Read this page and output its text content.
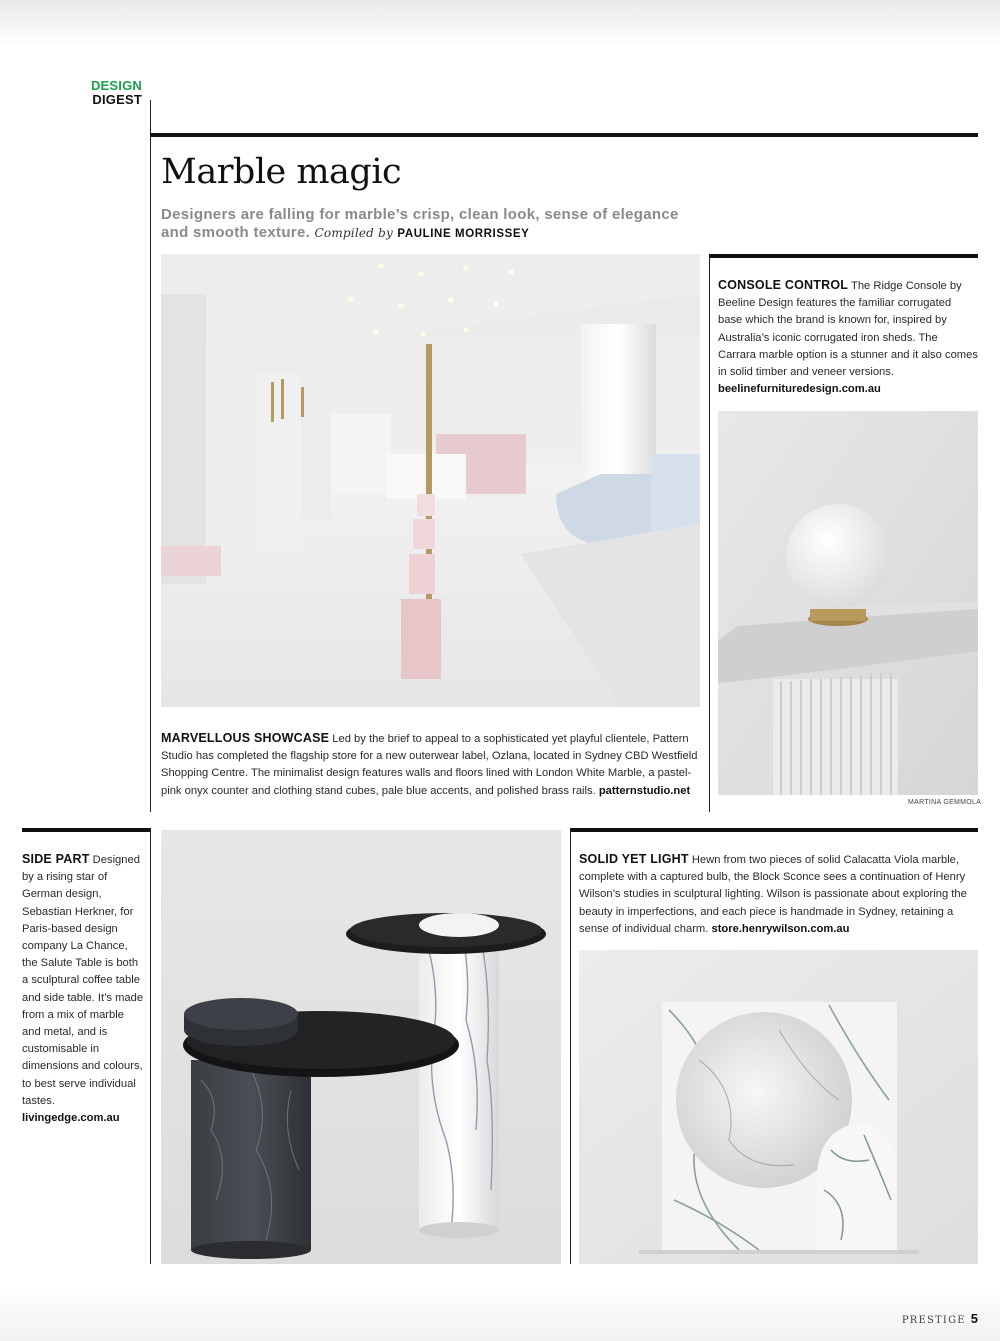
DESIGN
DIGEST
Marble magic
Designers are falling for marble’s crisp, clean look, sense of elegance and smooth texture. Compiled by PAULINE MORRISSEY
CONSOLE CONTROL The Ridge Console by Beeline Design features the familiar corrugated base which the brand is known for, inspired by Australia’s iconic corrugated iron sheds. The Carrara marble option is a stunner and it also comes in solid timber and veneer versions. beelinefurnituredesign.com.au
MARTINA GEMMOLA
MARVELLOUS SHOWCASE Led by the brief to appeal to a sophisticated yet playful clientele, Pattern Studio has completed the flagship store for a new outerwear label, Ozlana, located in Sydney CBD Westfield Shopping Centre. The minimalist design features walls and floors lined with London White Marble, a pastel-pink onyx counter and clothing stand cubes, pale blue accents, and polished brass rails. patternstudio.net
SIDE PART Designed by a rising star of German design, Sebastian Herkner, for Paris-based design company La Chance, the Salute Table is both a sculptural coffee table and side table. It’s made from a mix of marble and metal, and is customisable in dimensions and colours, to best serve individual tastes. livingedge.com.au
SOLID YET LIGHT Hewn from two pieces of solid Calacatta Viola marble, complete with a captured bulb, the Block Sconce sees a continuation of Henry Wilson’s studies in sculptural lighting. Wilson is passionate about exploring the beauty in imperfections, and each piece is handmade in Sydney, retaining a sense of individual charm. store.henrywilson.com.au
PRESTIGE 5
